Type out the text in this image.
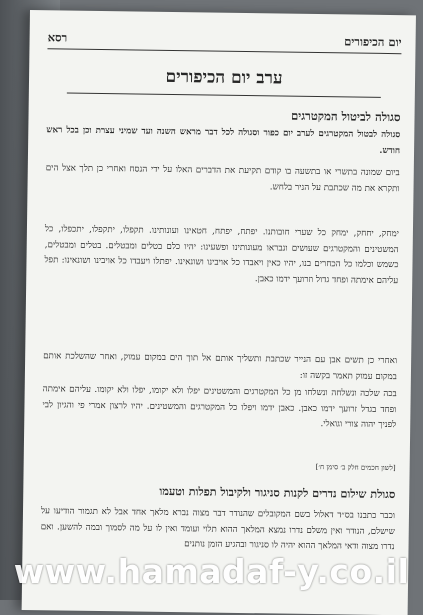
יום הכיפורים
רסא
ערב יום הכיפורים
סגולה לביטול המקטרגים
סגולה לבטול המקטרגים לערב יום כפור וסגולה לכל דבר מראש השנה ועד שמיני עצרת וכן בכל ראש חודש.
ביום שמונה בתשרי או בתשעה בו קודם תקיעת את הדברים האלו על ידי הנסח ואחרי כן תלך אצל הים ותקרא את מה שכתבת על הניר בלחש.
ימחק, יחחק, ימחק כל שערי חובותנו. יפתח, יפתח, חטאינו ועונותינו. תקפלו, יתקפלו, יתכפלו, כל המשטינים והמקטרגים שעושים ונבראו מעונותינו ופשעינו: יהיו כלם בטלים ומבטלים. בטלים ומבטלים, כשמש וכלמו כל הכחרים בנו, יהיו כאין ויאבדו כל אויבינו ושונאינו. יפתלו ויעבדו כל אויבינו ושונאינו: תפל עליהם אימתה ופחד גדול וזרועך ידמו כאבן.
ואחרי כן תשים אבן עם הנייר שכתבת ותשליך אותם אל תוך הים במקום עמוק, ואחר שהשלכת אותם במקום עמוק תאמר בקשה זו:
בכה שלכה ונשלחה ונשלחו מן כל המקטרגים והמשטינים יפלו ולא יקומו, יפלו ולא יקומו. עליהם אימתה ופחד בגדל זרועך ידמו כאבן. כאבן ידמו ויפלו כל המקטרגים והמשטינים. יהיו לרצון אמרי פי והגיון לבי לפניך יהוה צורי וגואלי.
[לשון חכמים חלק ב׳ סימן ח׳]
סגולת שילום נדרים לקנות סניגור ולקיבול תפלות וטעמו
וכבר כתבנו בס״ד דאלול בשם המקובלים שהנודר דבר מצוה נברא מלאך אחד אבל לא תגמור הודיעו על שישלם, הנודר ואין משלם נדרו נמצא המלאך ההוא תלוי ועומד ואין לו על מה לסמוך ובמה להשען. ואם נדרו מצוה ודאי המלאך ההוא יהיה לו סניגור ובהגיע הזמן נותנים
www.hamadaf-y.co.il
